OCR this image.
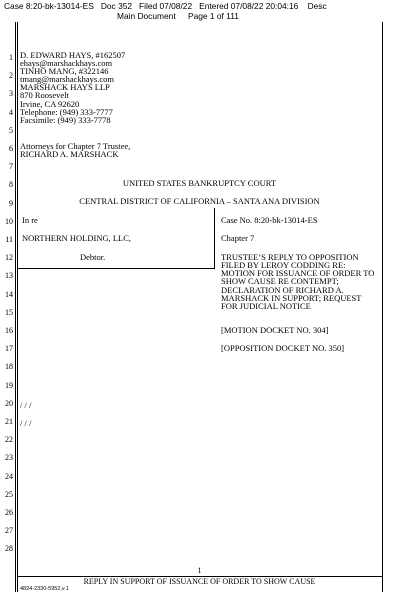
Case 8:20-bk-13014-ES Doc 352 Filed 07/08/22 Entered 07/08/22 20:04:16 Desc
Main Document Page 1 of 111
1
2
3
4
5
6
7
8
9
10
11
12
13
14
15
16
17
18
19
20
21
22
23
24
25
26
27
28
D. EDWARD HAYS, #162507
ehays@marshackhays.com
TINHO MANG, #322146
tmang@marshackhays.com
MARSHACK HAYS LLP
870 Roosevelt
Irvine, CA 92620
Telephone: (949) 333-7777
Facsimile: (949) 333-7778
Attorneys for Chapter 7 Trustee,
RICHARD A. MARSHACK
UNITED STATES BANKRUPTCY COURT
CENTRAL DISTRICT OF CALIFORNIA – SANTA ANA DIVISION
In re
NORTHERN HOLDING, LLC,
Debtor.
Case No. 8:20-bk-13014-ES
Chapter 7
TRUSTEE’S REPLY TO OPPOSITION
FILED BY LEROY CODDING RE:
MOTION FOR ISSUANCE OF ORDER TO
SHOW CAUSE RE CONTEMPT;
DECLARATION OF RICHARD A.
MARSHACK IN SUPPORT; REQUEST
FOR JUDICIAL NOTICE
[MOTION DOCKET NO. 304]
[OPPOSITION DOCKET NO. 350]
/ / /
/ / /
1
REPLY IN SUPPORT OF ISSUANCE OF ORDER TO SHOW CAUSE
4824-2330-5952,v.1
